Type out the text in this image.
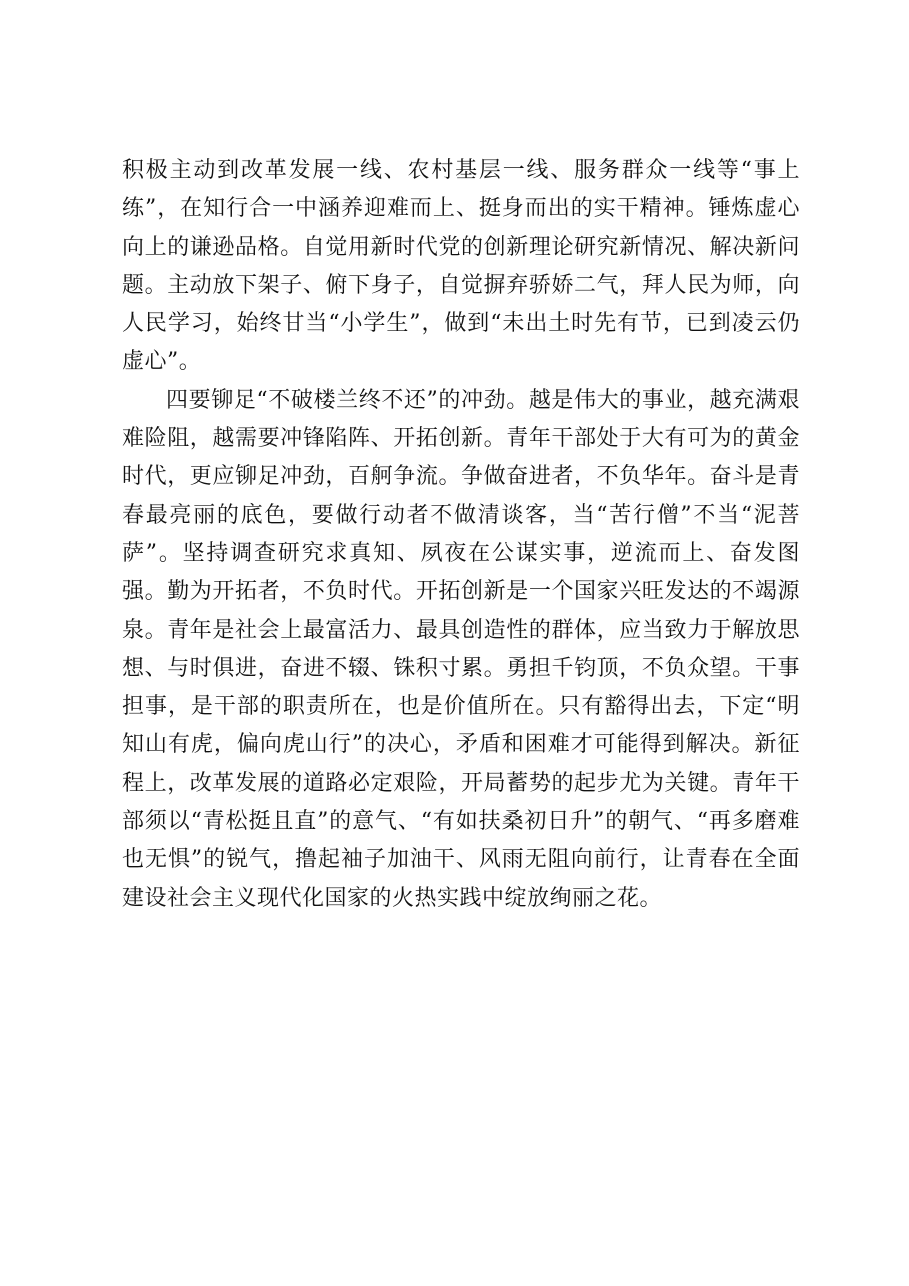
积极主动到改革发展一线、农村基层一线、服务群众一线等“事上练”，在知行合一中涵养迎难而上、挺身而出的实干精神。锤炼虚心向上的谦逊品格。自觉用新时代党的创新理论研究新情况、解决新问题。主动放下架子、俯下身子，自觉摒弃骄娇二气，拜人民为师，向人民学习，始终甘当“小学生”，做到“未出土时先有节，已到凌云仍虚心”。

四要铆足“不破楼兰终不还”的冲劲。越是伟大的事业，越充满艰难险阻，越需要冲锋陷阵、开拓创新。青年干部处于大有可为的黄金时代，更应铆足冲劲，百舸争流。争做奋进者，不负华年。奋斗是青春最亮丽的底色，要做行动者不做清谈客，当“苦行僧”不当“泥菩萨”。坚持调查研究求真知、夙夜在公谋实事，逆流而上、奋发图强。勤为开拓者，不负时代。开拓创新是一个国家兴旺发达的不竭源泉。青年是社会上最富活力、最具创造性的群体，应当致力于解放思想、与时俱进，奋进不辍、铢积寸累。勇担千钧顶，不负众望。干事担事，是干部的职责所在，也是价值所在。只有豁得出去，下定“明知山有虎，偏向虎山行”的决心，矛盾和困难才可能得到解决。新征程上，改革发展的道路必定艰险，开局蓄势的起步尤为关键。青年干部须以“青松挺且直”的意气、“有如扶桑初日升”的朝气、“再多磨难也无惧”的锐气，撸起袖子加油干、风雨无阻向前行，让青春在全面建设社会主义现代化国家的火热实践中绽放绚丽之花。
